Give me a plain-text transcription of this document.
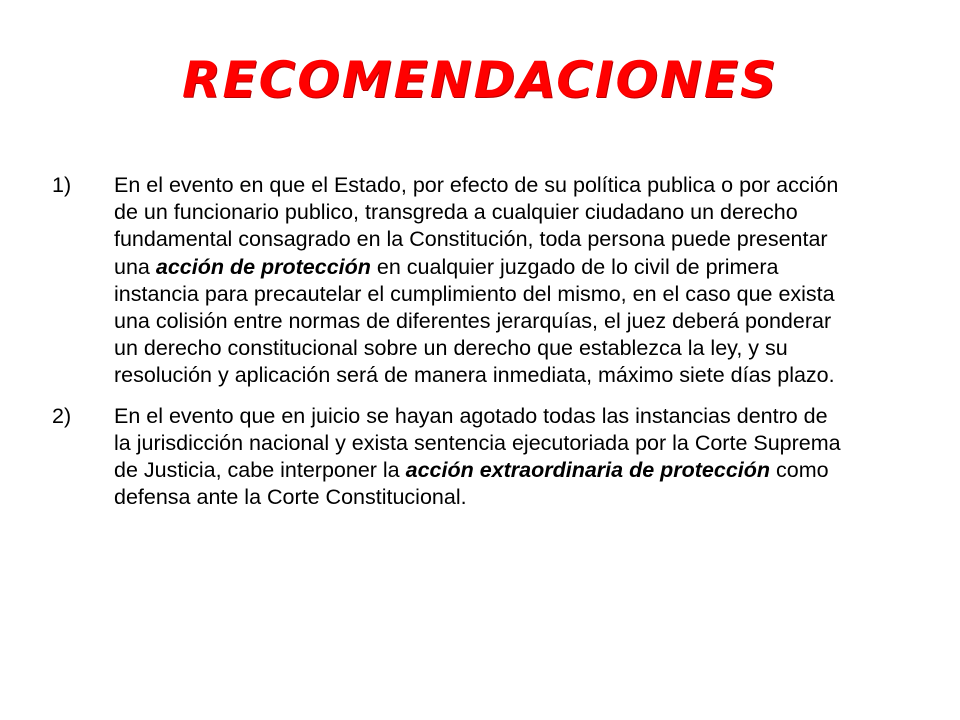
RECOMENDACIONES
1)	En el evento en que el Estado, por efecto de su política publica o por acción de un funcionario publico, transgreda a cualquier ciudadano un derecho fundamental consagrado en la Constitución, toda persona puede presentar una acción de protección en cualquier juzgado de lo civil de primera instancia para precautelar el cumplimiento del mismo, en el caso que exista una colisión entre normas de diferentes jerarquías, el juez deberá ponderar un derecho constitucional sobre un derecho que establezca la ley, y su resolución y aplicación será de manera inmediata, máximo siete días plazo.
2)	En el evento que en juicio se hayan agotado todas las instancias dentro de la jurisdicción nacional y exista sentencia ejecutoriada por la Corte Suprema de Justicia, cabe interponer la acción extraordinaria de protección como defensa ante la Corte Constitucional.
